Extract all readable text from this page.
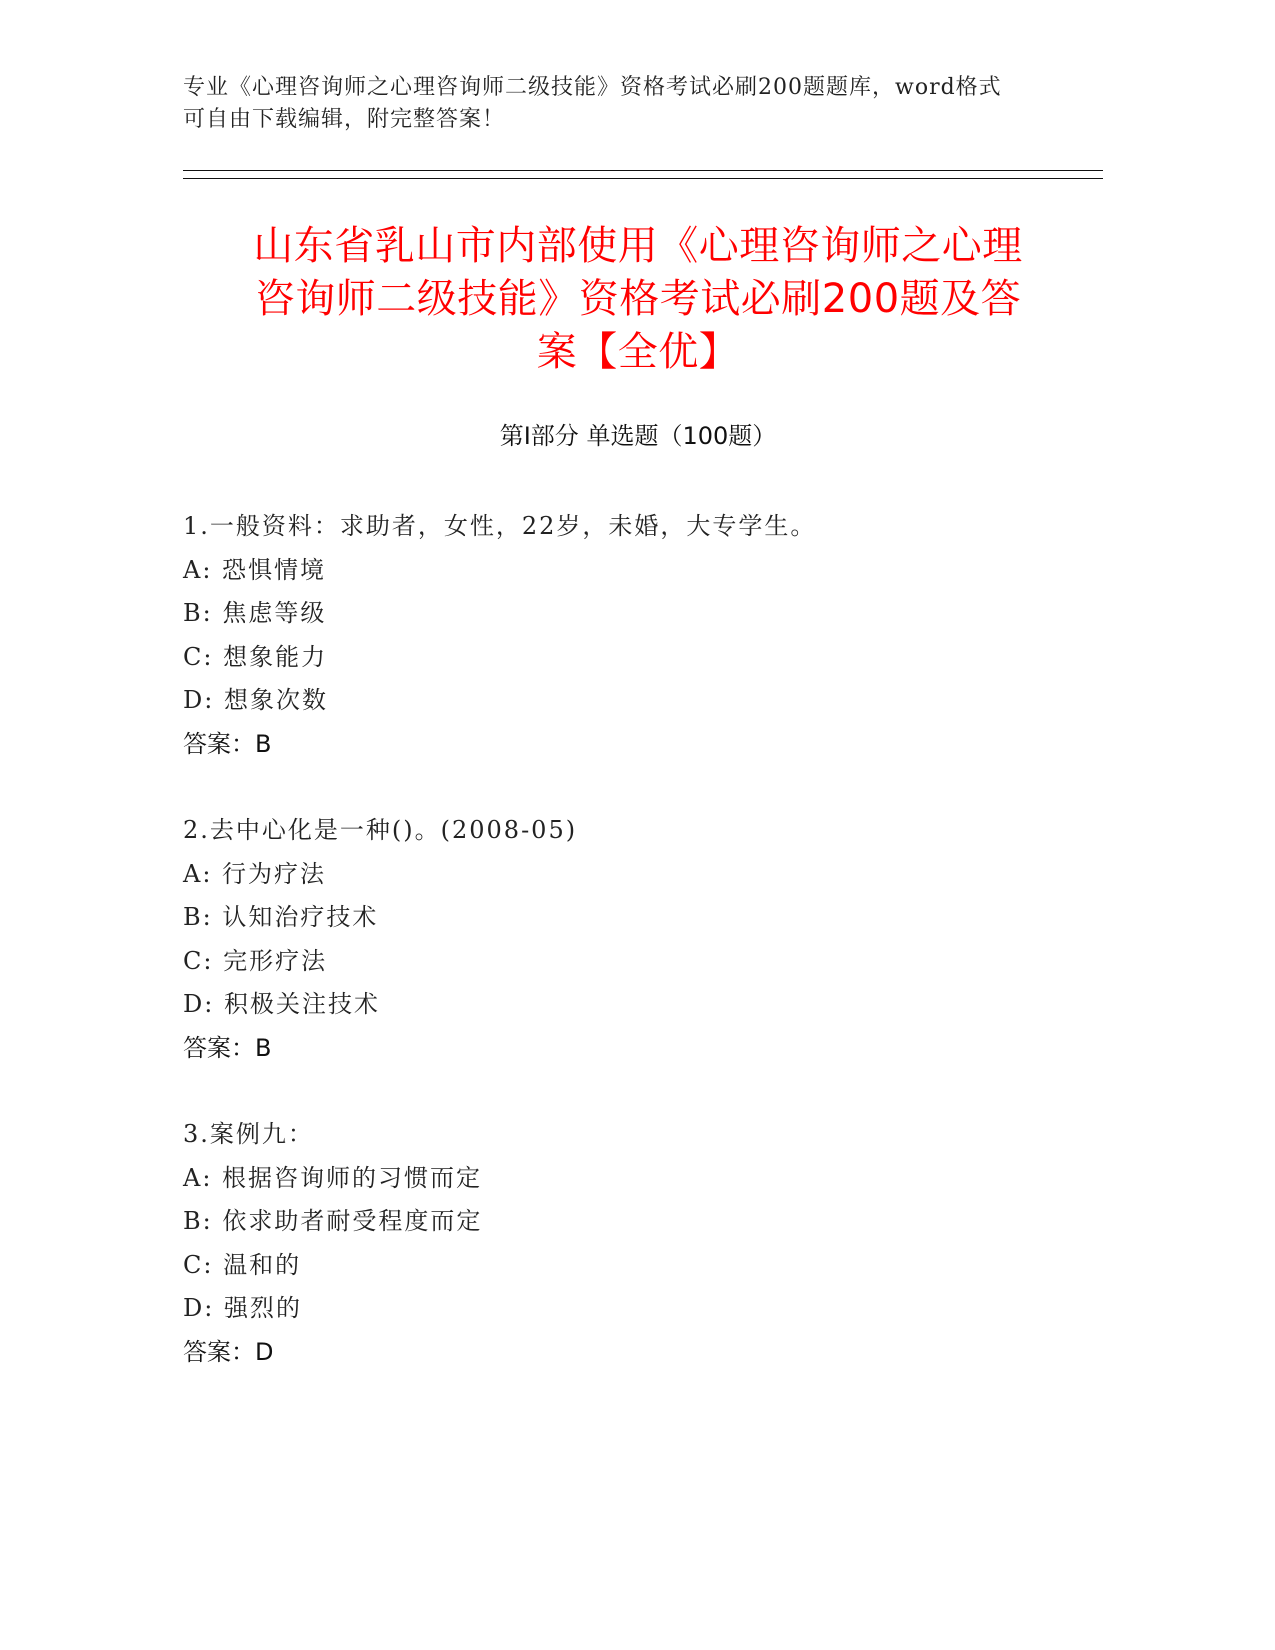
专业《心理咨询师之心理咨询师二级技能》资格考试必刷200题题库，word格式
可自由下载编辑，附完整答案！
山东省乳山市内部使用《心理咨询师之心理
咨询师二级技能》资格考试必刷200题及答
案【全优】
第Ⅰ部分 单选题（100题）
1.一般资料：求助者，女性，22岁，未婚，大专学生。
A: 恐惧情境
B: 焦虑等级
C: 想象能力
D: 想象次数
答案：B
2.去中心化是一种()。(2008-05)
A: 行为疗法
B: 认知治疗技术
C: 完形疗法
D: 积极关注技术
答案：B
3.案例九：
A: 根据咨询师的习惯而定
B: 依求助者耐受程度而定
C: 温和的
D: 强烈的
答案：D
